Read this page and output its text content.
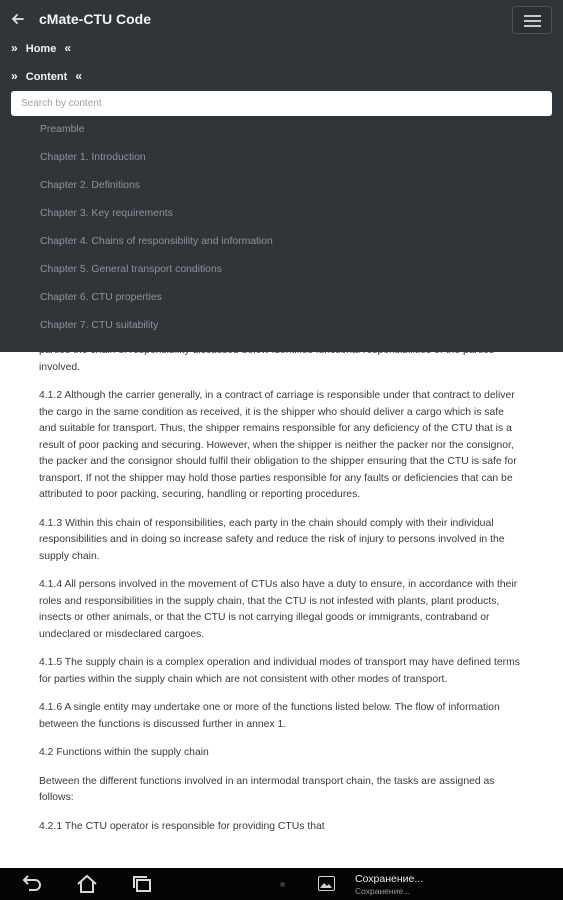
involved.

4.1.2 Although the carrier generally, in a contract of carriage is responsible under that contract to deliver the cargo in the same condition as received, it is the shipper who should deliver a cargo which is safe and suitable for transport. Thus, the shipper remains responsible for any deficiency of the CTU that is a result of poor packing and securing. However, when the shipper is neither the packer nor the consignor, the packer and the consignor should fulfil their obligation to the shipper ensuring that the CTU is safe for transport. If not the shipper may hold those parties responsible for any faults or deficiencies that can be attributed to poor packing, securing, handling or reporting procedures.

4.1.3 Within this chain of responsibilities, each party in the chain should comply with their individual responsibilities and in doing so increase safety and reduce the risk of injury to persons involved in the supply chain.

4.1.4 All persons involved in the movement of CTUs also have a duty to ensure, in accordance with their roles and responsibilities in the supply chain, that the CTU is not infested with plants, plant products, insects or other animals, or that the CTU is not carrying illegal goods or immigrants, contraband or undeclared or misdeclared cargoes.

4.1.5 The supply chain is a complex operation and individual modes of transport may have defined terms for parties within the supply chain which are not consistent with other modes of transport.

4.1.6 A single entity may undertake one or more of the functions listed below. The flow of information between the functions is discussed further in annex 1.

4.2 Functions within the supply chain

Between the different functions involved in an intermodal transport chain, the tasks are assigned as follows:

4.2.1 The CTU operator is responsible for providing CTUs that

cMate-CTU Code
» Home «
» Content «
Search by content
Preamble
Chapter 1. Introduction
Chapter 2. Definitions
Chapter 3. Key requirements
Chapter 4. Chains of responsibility and information
Chapter 5. General transport conditions
Chapter 6. CTU properties
Chapter 7. CTU suitability
Сохранение...
Сохранение...
